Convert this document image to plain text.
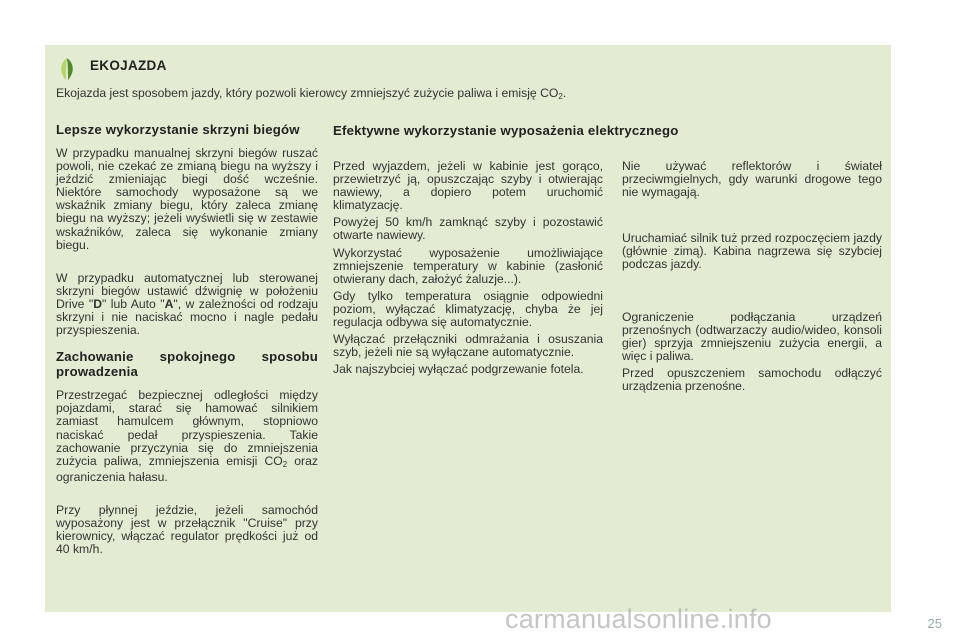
EKOJAZDA
Ekojazda jest sposobem jazdy, który pozwoli kierowcy zmniejszyć zużycie paliwa i emisję $CO_2$.
Lepsze wykorzystanie skrzyni biegów

W przypadku manualnej skrzyni biegów ruszać powoli, nie czekać ze zmianą biegu na wyższy i jeździć zmieniając biegi dość wcześnie. Niektóre samochody wyposażone są we wskaźnik zmiany biegu, który zaleca zmianę biegu na wyższy; jeżeli wyświetli się w zestawie wskaźników, zaleca się wykonanie zmiany biegu.

W przypadku automatycznej lub sterowanej skrzyni biegów ustawić dźwignię w położeniu Drive "D" lub Auto "A", w zależności od rodzaju skrzyni i nie naciskać mocno i nagle pedału przyspieszenia.

Zachowanie spokojnego sposobu prowadzenia

Przestrzegać bezpiecznej odległości między pojazdami, starać się hamować silnikiem zamiast hamulcem głównym, stopniowo naciskać pedał przyspieszenia. Takie zachowanie przyczynia się do zmniejszenia zużycia paliwa, zmniejszenia emisji $CO_2$ oraz ograniczenia hałasu.

Przy płynnej jeździe, jeżeli samochód wyposażony jest w przełącznik "Cruise" przy kierownicy, włączać regulator prędkości już od 40 km/h.

Efektywne wykorzystanie wyposażenia elektrycznego

Przed wyjazdem, jeżeli w kabinie jest gorąco, przewietrzyć ją, opuszczając szyby i otwierając nawiewy, a dopiero potem uruchomić klimatyzację.

Powyżej 50 km/h zamknąć szyby i pozostawić otwarte nawiewy.

Wykorzystać wyposażenie umożliwiające zmniejszenie temperatury w kabinie (zasłonić otwierany dach, założyć żaluzje...).

Gdy tylko temperatura osiągnie odpowiedni poziom, wyłączać klimatyzację, chyba że jej regulacja odbywa się automatycznie.

Wyłączać przełączniki odmrażania i osuszania szyb, jeżeli nie są wyłączane automatycznie.

Jak najszybciej wyłączać podgrzewanie fotela.

Nie używać reflektorów i świateł przeciwmgielnych, gdy warunki drogowe tego nie wymagają.

Uruchamiać silnik tuż przed rozpoczęciem jazdy (głównie zimą). Kabina nagrzewa się szybciej podczas jazdy.

Ograniczenie podłączania urządzeń przenośnych (odtwarzaczy audio/wideo, konsoli gier) sprzyja zmniejszeniu zużycia energii, a więc i paliwa.

Przed opuszczeniem samochodu odłączyć urządzenia przenośne.

carmanualsonline.info	25
